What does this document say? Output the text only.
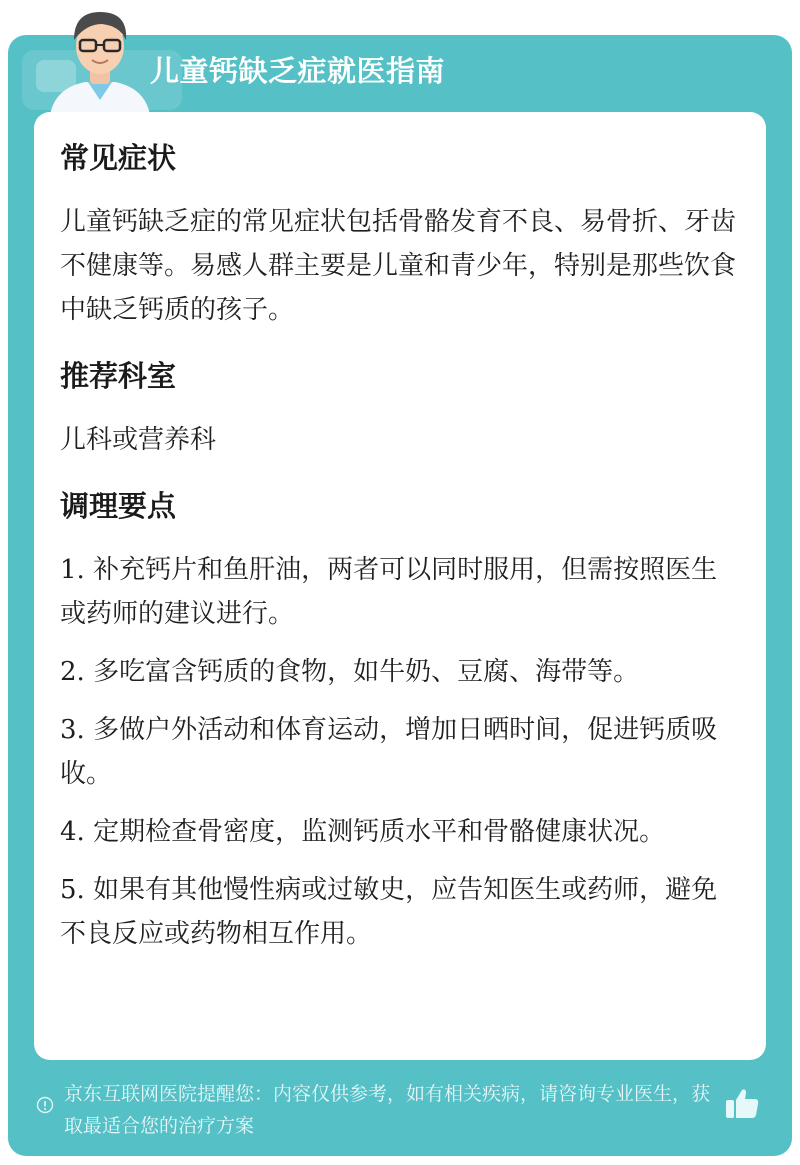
儿童钙缺乏症就医指南
常见症状

儿童钙缺乏症的常见症状包括骨骼发育不良、易骨折、牙齿不健康等。易感人群主要是儿童和青少年，特别是那些饮食中缺乏钙质的孩子。

推荐科室

儿科或营养科

调理要点

1. 补充钙片和鱼肝油，两者可以同时服用，但需按照医生或药师的建议进行。

2. 多吃富含钙质的食物，如牛奶、豆腐、海带等。

3. 多做户外活动和体育运动，增加日晒时间，促进钙质吸收。

4. 定期检查骨密度，监测钙质水平和骨骼健康状况。

5. 如果有其他慢性病或过敏史，应告知医生或药师，避免不良反应或药物相互作用。

京东互联网医院提醒您：内容仅供参考，如有相关疾病，请咨询专业医生，获取最适合您的治疗方案
